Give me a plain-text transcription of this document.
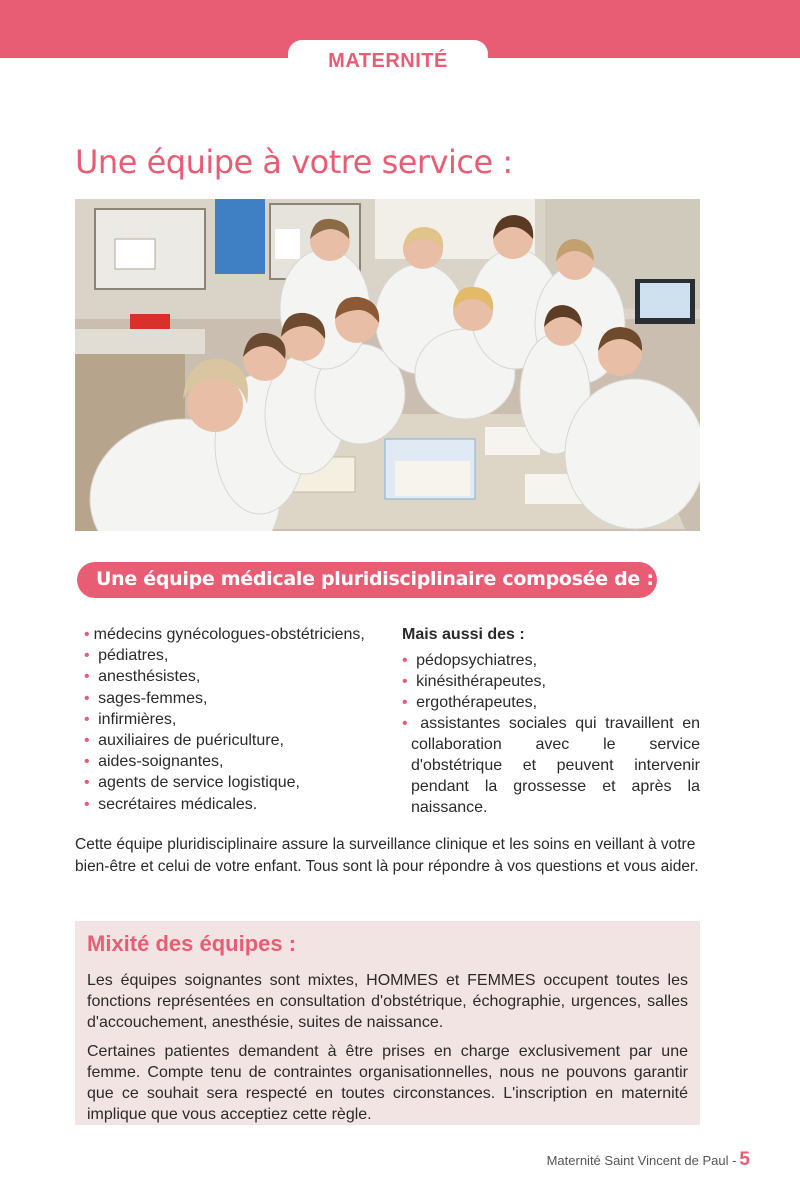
MATERNITÉ
Une équipe à votre service :
Une équipe médicale pluridisciplinaire composée de :
• médecins gynécologues-obstétriciens,
• pédiatres,
• anesthésistes,
• sages-femmes,
• infirmières,
• auxiliaires de puériculture,
• aides-soignantes,
• agents de service logistique,
• secrétaires médicales.
Mais aussi des :
• pédopsychiatres,
• kinésithérapeutes,
• ergothérapeutes,
• assistantes sociales qui travaillent en collaboration avec le service d'obstétrique et peuvent intervenir pendant la grossesse et après la naissance.

Cette équipe pluridisciplinaire assure la surveillance clinique et les soins en veillant à votre bien-être et celui de votre enfant. Tous sont là pour répondre à vos questions et vous aider.

Mixité des équipes :

Les équipes soignantes sont mixtes, HOMMES et FEMMES occupent toutes les fonctions représentées en consultation d'obstétrique, échographie, urgences, salles d'accouchement, anesthésie, suites de naissance.

Certaines patientes demandent à être prises en charge exclusivement par une femme. Compte tenu de contraintes organisationnelles, nous ne pouvons garantir que ce souhait sera respecté en toutes circonstances. L'inscription en maternité implique que vous acceptiez cette règle.

Maternité Saint Vincent de Paul - 5
